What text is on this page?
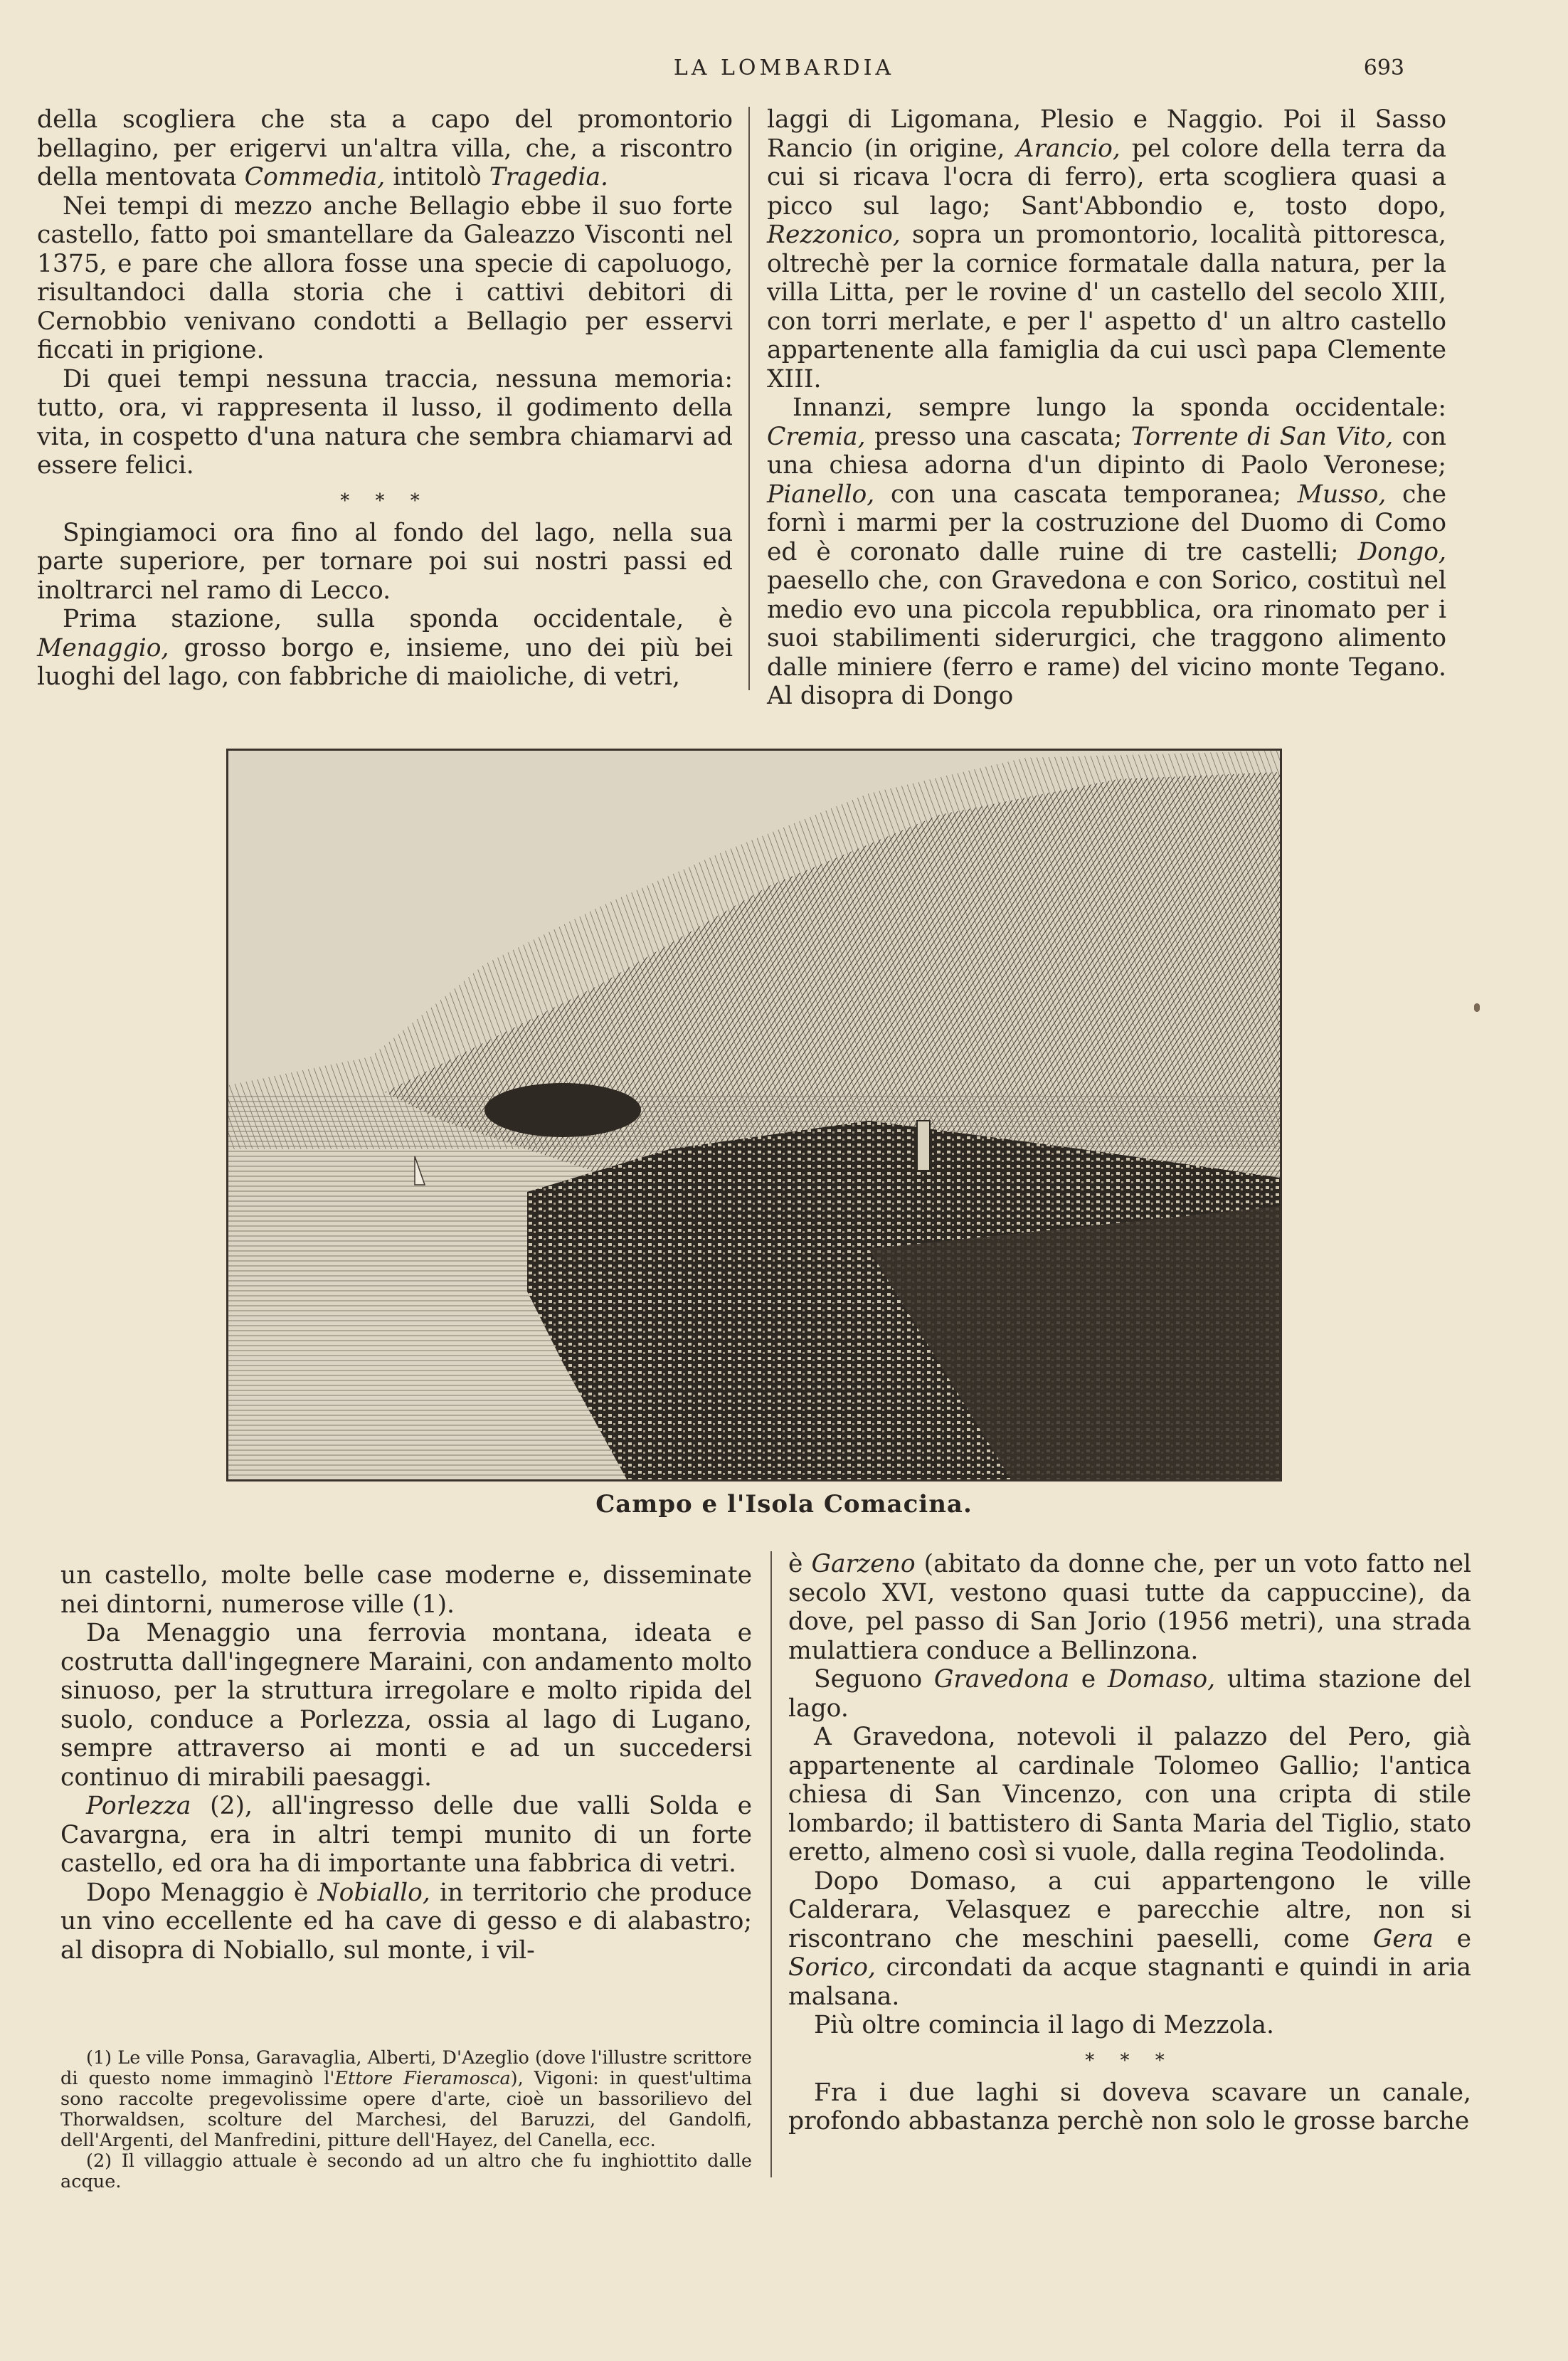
LA LOMBARDIA	693

della scogliera che sta a capo del promontorio bellagino, per erigervi un'altra villa, che, a riscontro della mentovata Commedia, intitolò Tragedia.

Nei tempi di mezzo anche Bellagio ebbe il suo forte castello, fatto poi smantellare da Galeazzo Visconti nel 1375, e pare che allora fosse una specie di capoluogo, risultandoci dalla storia che i cattivi debitori di Cernobbio venivano condotti a Bellagio per esservi ficcati in prigione.

Di quei tempi nessuna traccia, nessuna memoria: tutto, ora, vi rappresenta il lusso, il godimento della vita, in cospetto d'una natura che sembra chiamarvi ad essere felici.

* * *

Spingiamoci ora fino al fondo del lago, nella sua parte superiore, per tornare poi sui nostri passi ed inoltrarci nel ramo di Lecco.

Prima stazione, sulla sponda occidentale, è Menaggio, grosso borgo e, insieme, uno dei più bei luoghi del lago, con fabbriche di maioliche, di vetri,

laggi di Ligomana, Plesio e Naggio. Poi il Sasso Rancio (in origine, Arancio, pel colore della terra da cui si ricava l'ocra di ferro), erta scogliera quasi a picco sul lago; Sant'Abbondio e, tosto dopo, Rezzonico, sopra un promontorio, località pittoresca, oltrechè per la cornice formatale dalla natura, per la villa Litta, per le rovine d' un castello del secolo XIII, con torri merlate, e per l' aspetto d' un altro castello appartenente alla famiglia da cui uscì papa Clemente XIII.

Innanzi, sempre lungo la sponda occidentale: Cremia, presso una cascata; Torrente di San Vito, con una chiesa adorna d'un dipinto di Paolo Veronese; Pianello, con una cascata temporanea; Musso, che fornì i marmi per la costruzione del Duomo di Como ed è coronato dalle ruine di tre castelli; Dongo, paesello che, con Gravedona e con Sorico, costituì nel medio evo una piccola repubblica, ora rinomato per i suoi stabilimenti siderurgici, che traggono alimento dalle miniere (ferro e rame) del vicino monte Tegano. Al disopra di Dongo

Campo e l'Isola Comacina.

un castello, molte belle case moderne e, disseminate nei dintorni, numerose ville (1).

Da Menaggio una ferrovia montana, ideata e costrutta dall'ingegnere Maraini, con andamento molto sinuoso, per la struttura irregolare e molto ripida del suolo, conduce a Porlezza, ossia al lago di Lugano, sempre attraverso ai monti e ad un succedersi continuo di mirabili paesaggi.

Porlezza (2), all'ingresso delle due valli Solda e Cavargna, era in altri tempi munito di un forte castello, ed ora ha di importante una fabbrica di vetri.

Dopo Menaggio è Nobiallo, in territorio che produce un vino eccellente ed ha cave di gesso e di alabastro; al disopra di Nobiallo, sul monte, i vil-

(1) Le ville Ponsa, Garavaglia, Alberti, D'Azeglio (dove l'illustre scrittore di questo nome immaginò l'Ettore Fieramosca), Vigoni: in quest'ultima sono raccolte pregevolissime opere d'arte, cioè un bassorilievo del Thorwaldsen, scolture del Marchesi, del Baruzzi, del Gandolfi, dell'Argenti, del Manfredini, pitture dell'Hayez, del Canella, ecc.

(2) Il villaggio attuale è secondo ad un altro che fu inghiottito dalle acque.

è Garzeno (abitato da donne che, per un voto fatto nel secolo XVI, vestono quasi tutte da cappuccine), da dove, pel passo di San Jorio (1956 metri), una strada mulattiera conduce a Bellinzona.

Seguono Gravedona e Domaso, ultima stazione del lago.

A Gravedona, notevoli il palazzo del Pero, già appartenente al cardinale Tolomeo Gallio; l'antica chiesa di San Vincenzo, con una cripta di stile lombardo; il battistero di Santa Maria del Tiglio, stato eretto, almeno così si vuole, dalla regina Teodolinda.

Dopo Domaso, a cui appartengono le ville Calderara, Velasquez e parecchie altre, non si riscontrano che meschini paeselli, come Gera e Sorico, circondati da acque stagnanti e quindi in aria malsana.

Più oltre comincia il lago di Mezzola.

* * *

Fra i due laghi si doveva scavare un canale, profondo abbastanza perchè non solo le grosse barche
